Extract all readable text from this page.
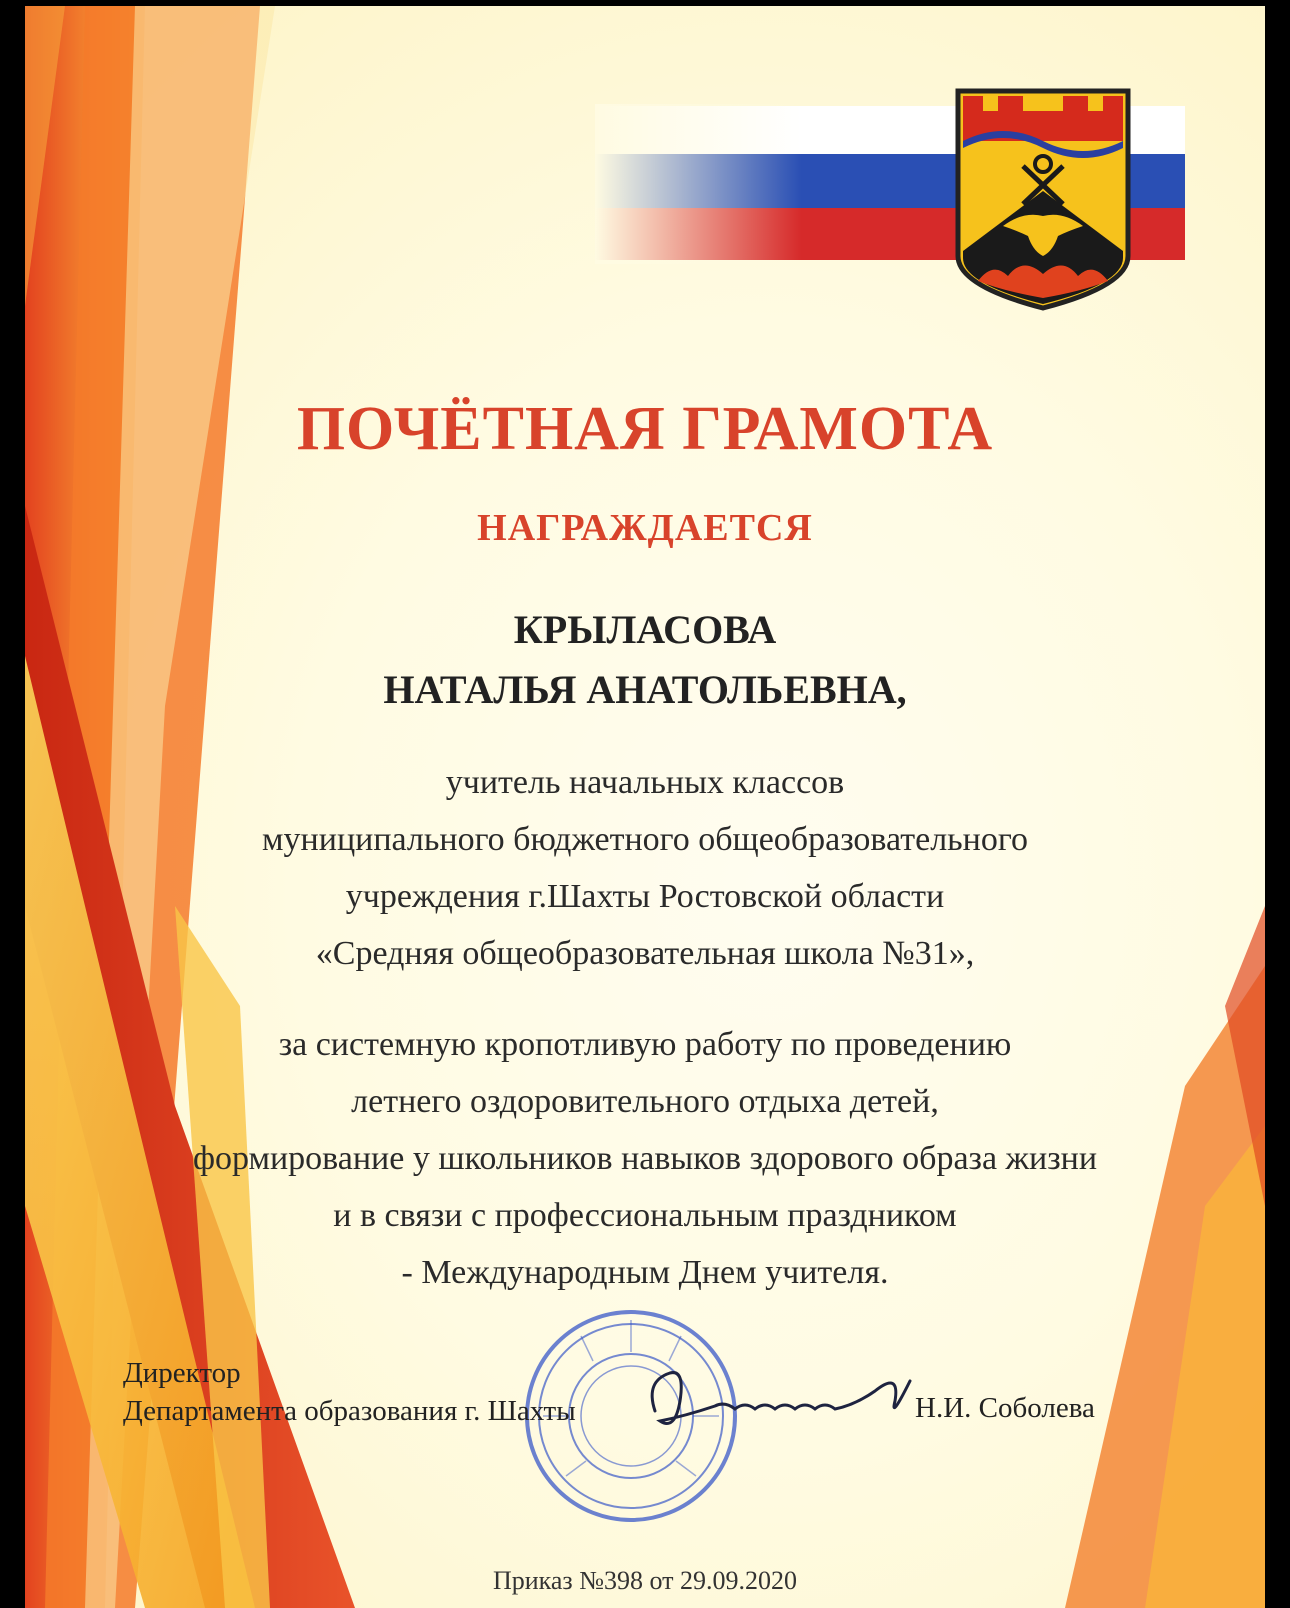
ПОЧЁТНАЯ ГРАМОТА
НАГРАЖДАЕТСЯ
КРЫЛАСОВА
НАТАЛЬЯ АНАТОЛЬЕВНА,
учитель начальных классов
муниципального бюджетного общеобразовательного
учреждения г.Шахты Ростовской области
«Средняя общеобразовательная школа №31»,
за системную кропотливую работу по проведению
летнего оздоровительного отдыха детей,
формирование у школьников навыков здорового образа жизни
и в связи с профессиональным праздником
- Международным Днем учителя.
Директор
Департамента образования г. Шахты	Н.И. Соболева
Приказ №398 от 29.09.2020
